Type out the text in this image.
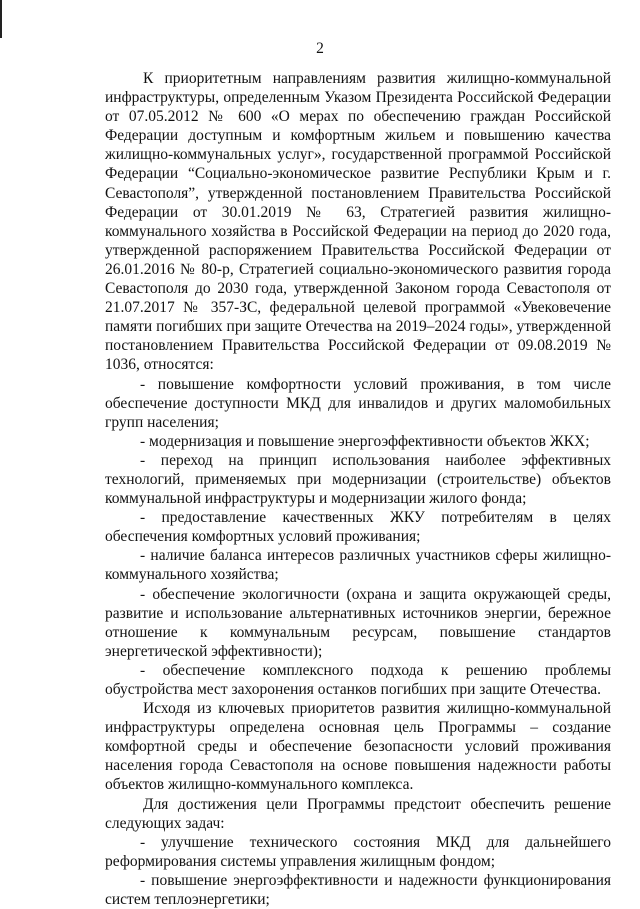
2

К приоритетным направлениям развития жилищно-коммунальной инфраструктуры, определенным Указом Президента Российской Федерации от 07.05.2012 № 600 «О мерах по обеспечению граждан Российской Федерации доступным и комфортным жильем и повышению качества жилищно-коммунальных услуг», государственной программой Российской Федерации “Социально-экономическое развитие Республики Крым и г. Севастополя”, утвержденной постановлением Правительства Российской Федерации от 30.01.2019 № 63, Стратегией развития жилищно-коммунального хозяйства в Российской Федерации на период до 2020 года, утвержденной распоряжением Правительства Российской Федерации от 26.01.2016 № 80-р, Стратегией социально-экономического развития города Севастополя до 2030 года, утвержденной Законом города Севастополя от 21.07.2017 № 357-ЗС, федеральной целевой программой «Увековечение памяти погибших при защите Отечества на 2019–2024 годы», утвержденной постановлением Правительства Российской Федерации от 09.08.2019 № 1036, относятся:

- повышение комфортности условий проживания, в том числе обеспечение доступности МКД для инвалидов и других маломобильных групп населения;

- модернизация и повышение энергоэффективности объектов ЖКХ;

- переход на принцип использования наиболее эффективных технологий, применяемых при модернизации (строительстве) объектов коммунальной инфраструктуры и модернизации жилого фонда;

- предоставление качественных ЖКУ потребителям в целях обеспечения комфортных условий проживания;

- наличие баланса интересов различных участников сферы жилищно-коммунального хозяйства;

- обеспечение экологичности (охрана и защита окружающей среды, развитие и использование альтернативных источников энергии, бережное отношение к коммунальным ресурсам, повышение стандартов энергетической эффективности);

- обеспечение комплексного подхода к решению проблемы обустройства мест захоронения останков погибших при защите Отечества.

Исходя из ключевых приоритетов развития жилищно-коммунальной инфраструктуры определена основная цель Программы – создание комфортной среды и обеспечение безопасности условий проживания населения города Севастополя на основе повышения надежности работы объектов жилищно-коммунального комплекса.

Для достижения цели Программы предстоит обеспечить решение следующих задач:

- улучшение технического состояния МКД для дальнейшего реформирования системы управления жилищным фондом;

- повышение энергоэффективности и надежности функционирования систем теплоэнергетики;
